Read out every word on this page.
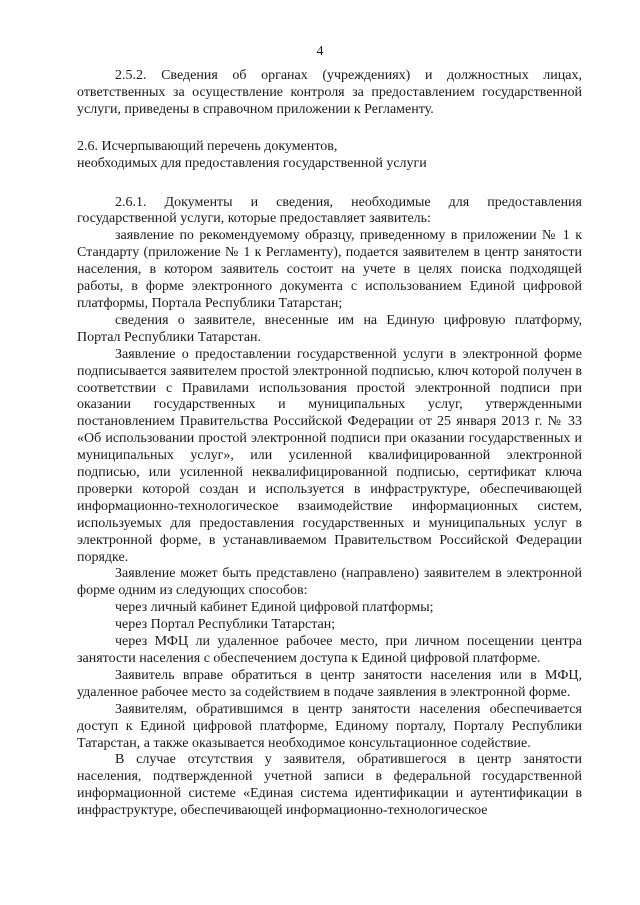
4

2.5.2. Сведения об органах (учреждениях) и должностных лицах, ответственных за осуществление контроля за предоставлением государственной услуги, приведены в справочном приложении к Регламенту.

2.6. Исчерпывающий перечень документов,

необходимых для предоставления государственной услуги

2.6.1. Документы и сведения, необходимые для предоставления государственной услуги, которые предоставляет заявитель:

заявление по рекомендуемому образцу, приведенному в приложении № 1 к Стандарту (приложение № 1 к Регламенту), подается заявителем в центр занятости населения, в котором заявитель состоит на учете в целях поиска подходящей работы, в форме электронного документа с использованием Единой цифровой платформы, Портала Республики Татарстан;

сведения о заявителе, внесенные им на Единую цифровую платформу, Портал Республики Татарстан.

Заявление о предоставлении государственной услуги в электронной форме подписывается заявителем простой электронной подписью, ключ которой получен в соответствии с Правилами использования простой электронной подписи при оказании государственных и муниципальных услуг, утвержденными постановлением Правительства Российской Федерации от 25 января 2013 г. № 33 «Об использовании простой электронной подписи при оказании государственных и муниципальных услуг», или усиленной квалифицированной электронной подписью, или усиленной неквалифицированной подписью, сертификат ключа проверки которой создан и используется в инфраструктуре, обеспечивающей информационно-технологическое взаимодействие информационных систем, используемых для предоставления государственных и муниципальных услуг в электронной форме, в устанавливаемом Правительством Российской Федерации порядке.

Заявление может быть представлено (направлено) заявителем в электронной форме одним из следующих способов:

через личный кабинет Единой цифровой платформы;

через Портал Республики Татарстан;

через МФЦ ли удаленное рабочее место, при личном посещении центра занятости населения с обеспечением доступа к Единой цифровой платформе.

Заявитель вправе обратиться в центр занятости населения или в МФЦ, удаленное рабочее место за содействием в подаче заявления в электронной форме.

Заявителям, обратившимся в центр занятости населения обеспечивается доступ к Единой цифровой платформе, Единому порталу, Порталу Республики Татарстан, а также оказывается необходимое консультационное содействие.

В случае отсутствия у заявителя, обратившегося в центр занятости населения, подтвержденной учетной записи в федеральной государственной информационной системе «Единая система идентификации и аутентификации в инфраструктуре, обеспечивающей информационно-технологическое
